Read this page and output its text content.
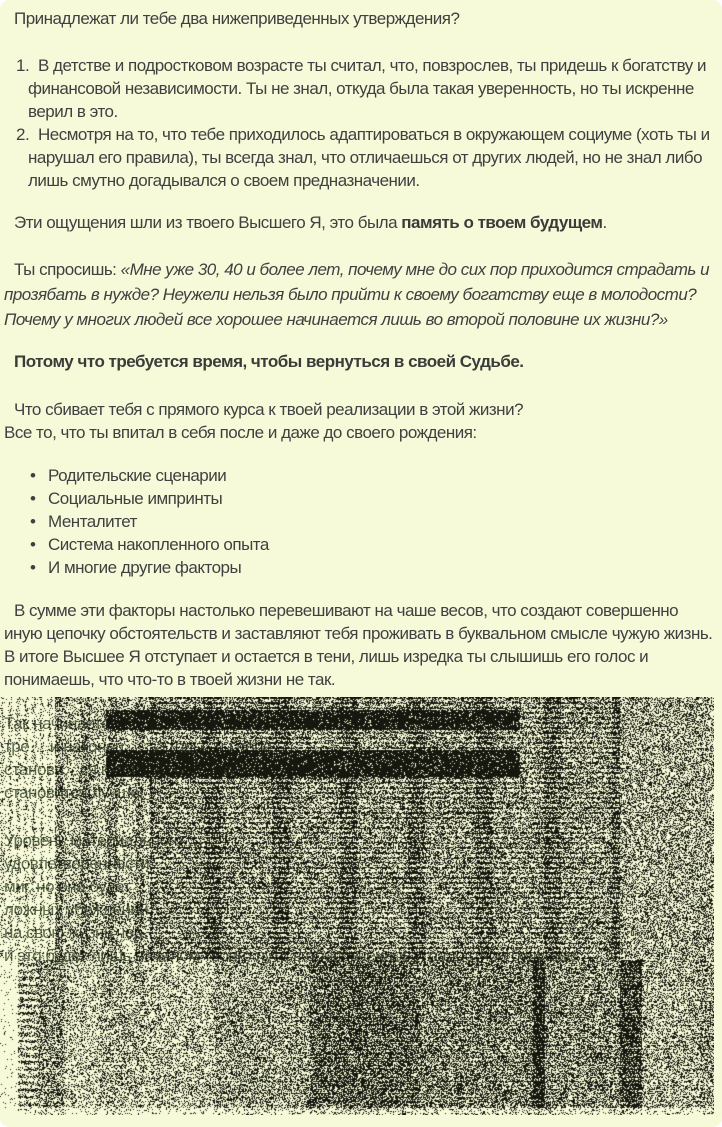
Принадлежат ли тебе два нижеприведенных утверждения?

1. В детстве и подростковом возрасте ты считал, что, повзрослев, ты придешь к богатству и финансовой независимости. Ты не знал, откуда была такая уверенность, но ты искренне верил в это.
2. Несмотря на то, что тебе приходилось адаптироваться в окружающем социуме (хоть ты и нарушал его правила), ты всегда знал, что отличаешься от других людей, но не знал либо лишь смутно догадывался о своем предназначении.

Эти ощущения шли из твоего Высшего Я, это была память о твоем будущем.

Ты спросишь: «Мне уже 30, 40 и более лет, почему мне до сих пор приходится страдать и прозябать в нужде? Неужели нельзя было прийти к своему богатству еще в молодости? Почему у многих людей все хорошее начинается лишь во второй половине их жизни?»

Потому что требуется время, чтобы вернуться в своей Судьбе.

Что сбивает тебя с прямого курса к твоей реализации в этой жизни?
Все то, что ты впитал в себя после и даже до своего рождения:

• Родительские сценарии
• Социальные импринты
• Менталитет
• Система накопленного опыта
• И многие другие факторы

В сумме эти факторы настолько перевешивают на чаше весов, что создают совершенно иную цепочку обстоятельств и заставляют тебя проживать в буквальном смысле чужую жизнь. В итоге Высшее Я отступает и остается в тени, лишь изредка ты слышишь его голос и понимаешь, что что-то в твоей жизни не так.
